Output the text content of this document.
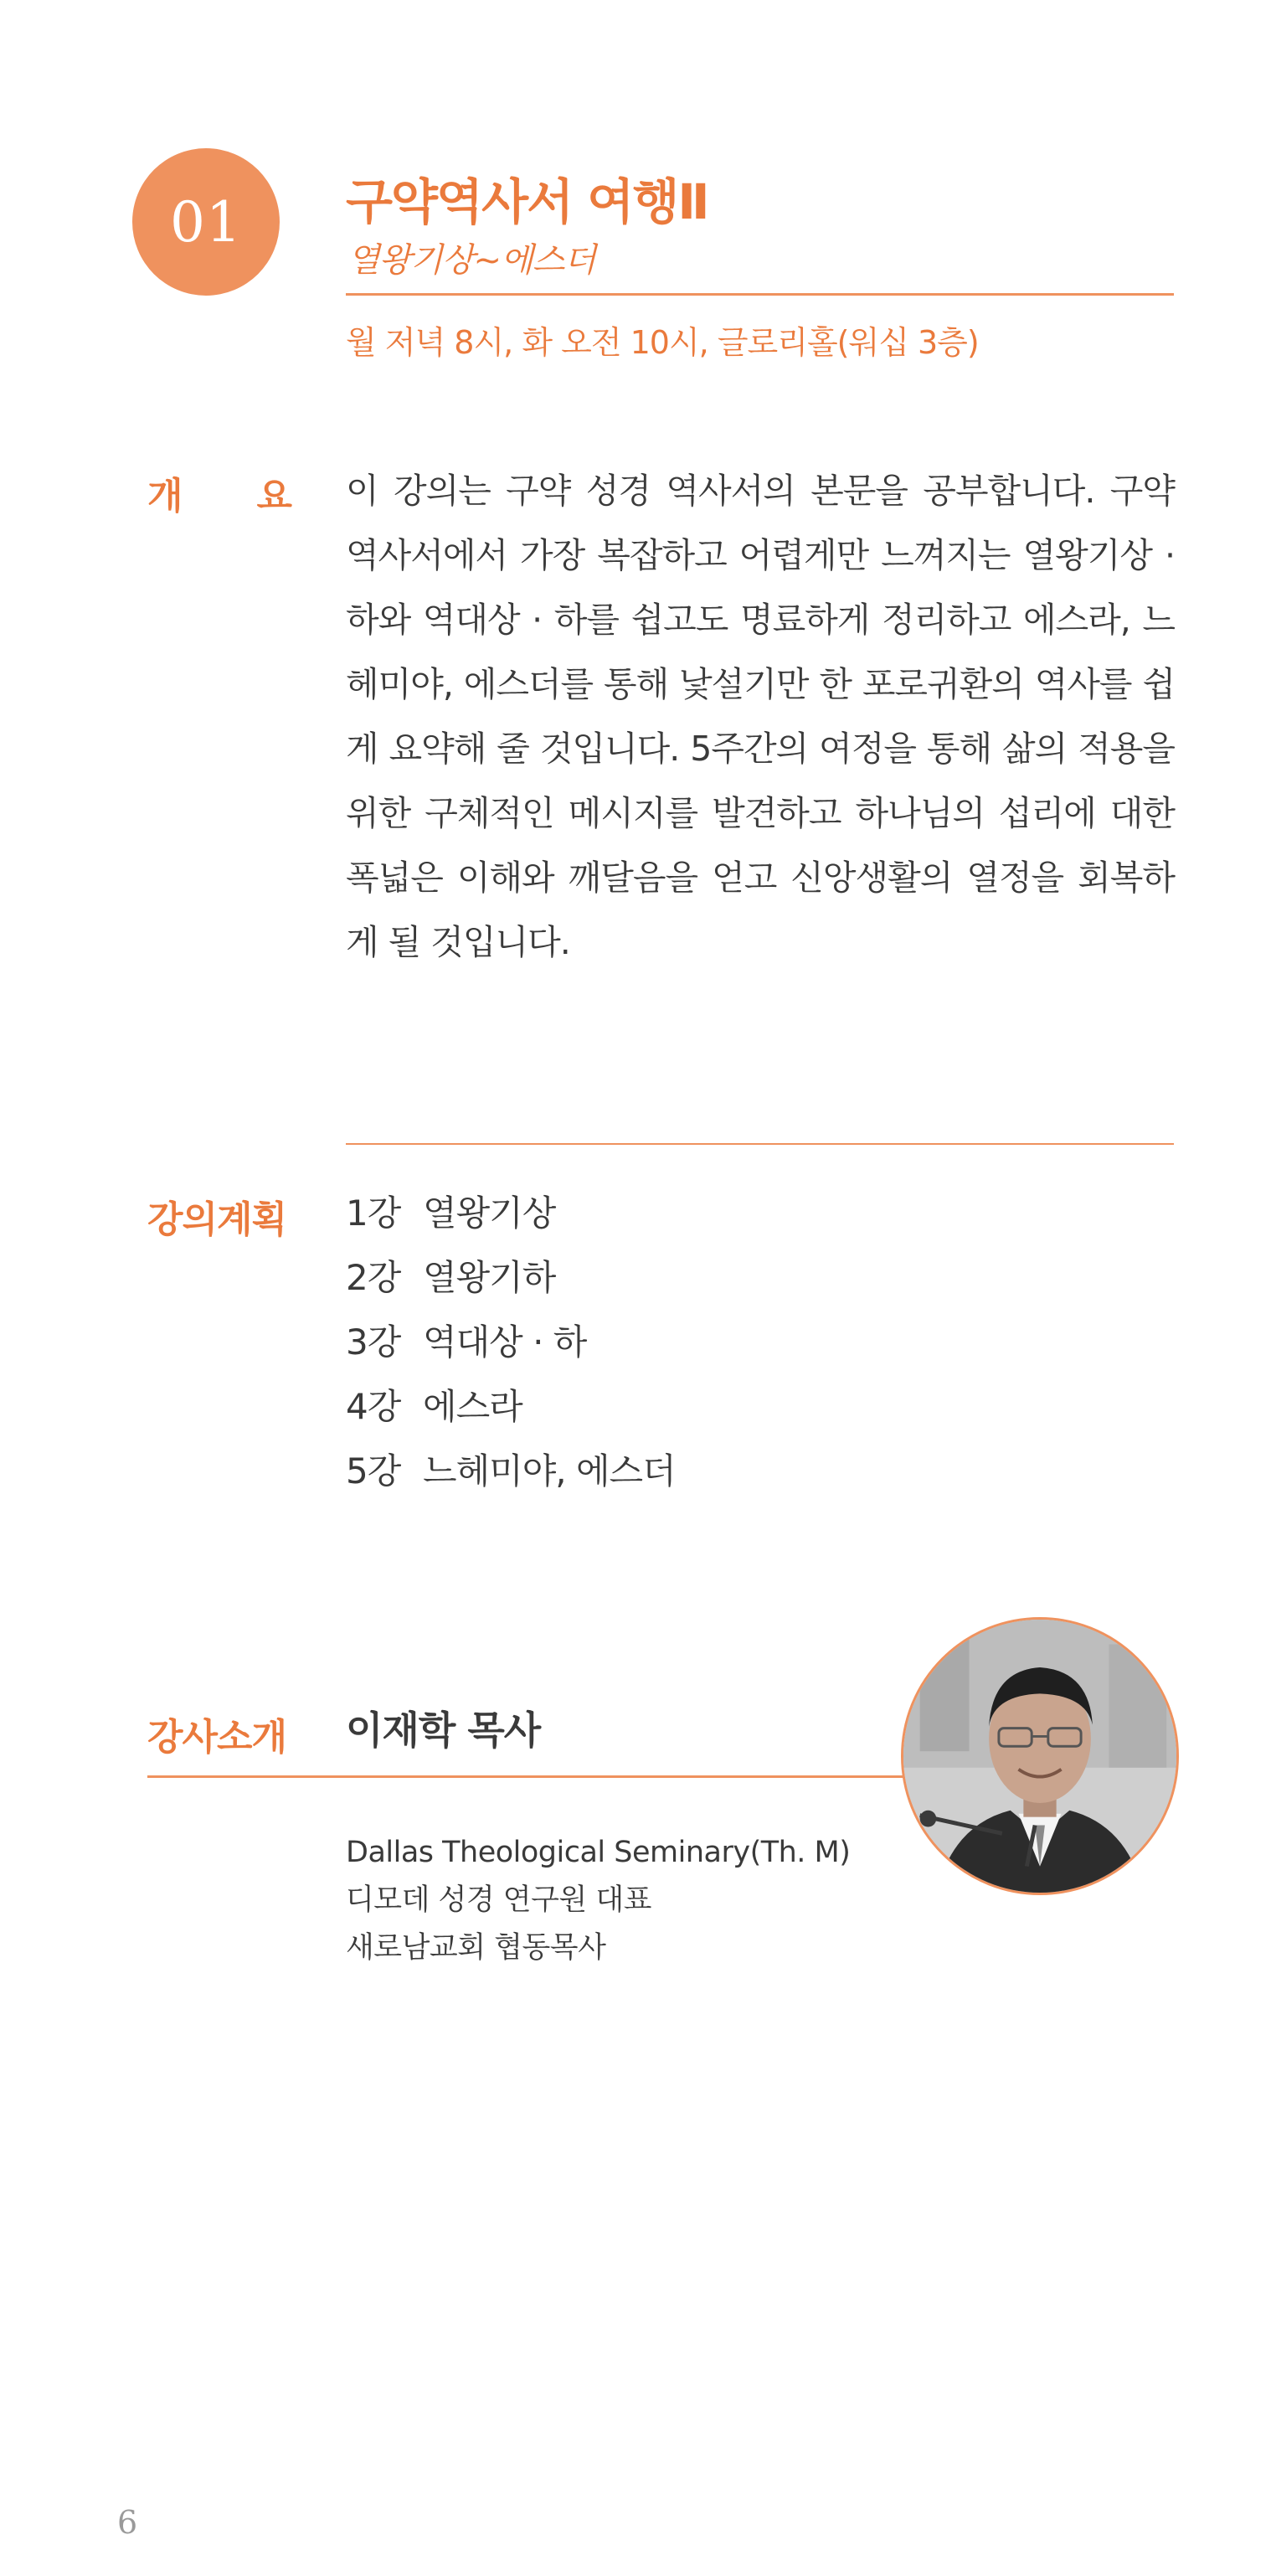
01 구약역사서 여행Ⅱ
열왕기상~에스더
월 저녁 8시, 화 오전 10시, 글로리홀(워십 3층)
개 요 이 강의는 구약 성경 역사서의 본문을 공부합니다. 구약 역사서에서 가장 복잡하고 어렵게만 느껴지는 열왕기상 · 하와 역대상 · 하를 쉽고도 명료하게 정리하고 에스라, 느헤미야, 에스더를 통해 낯설기만 한 포로귀환의 역사를 쉽게 요약해 줄 것입니다. 5주간의 여정을 통해 삶의 적용을 위한 구체적인 메시지를 발견하고 하나님의 섭리에 대한 폭넓은 이해와 깨달음을 얻고 신앙생활의 열정을 회복하게 될 것입니다.

강의계획 1강 열왕기상
2강 열왕기하
3강 역대상 · 하
4강 에스라
5강 느헤미야, 에스더
강사소개 이재학 목사
Dallas Theological Seminary(Th. M)
디모데 성경 연구원 대표
새로남교회 협동목사
6
